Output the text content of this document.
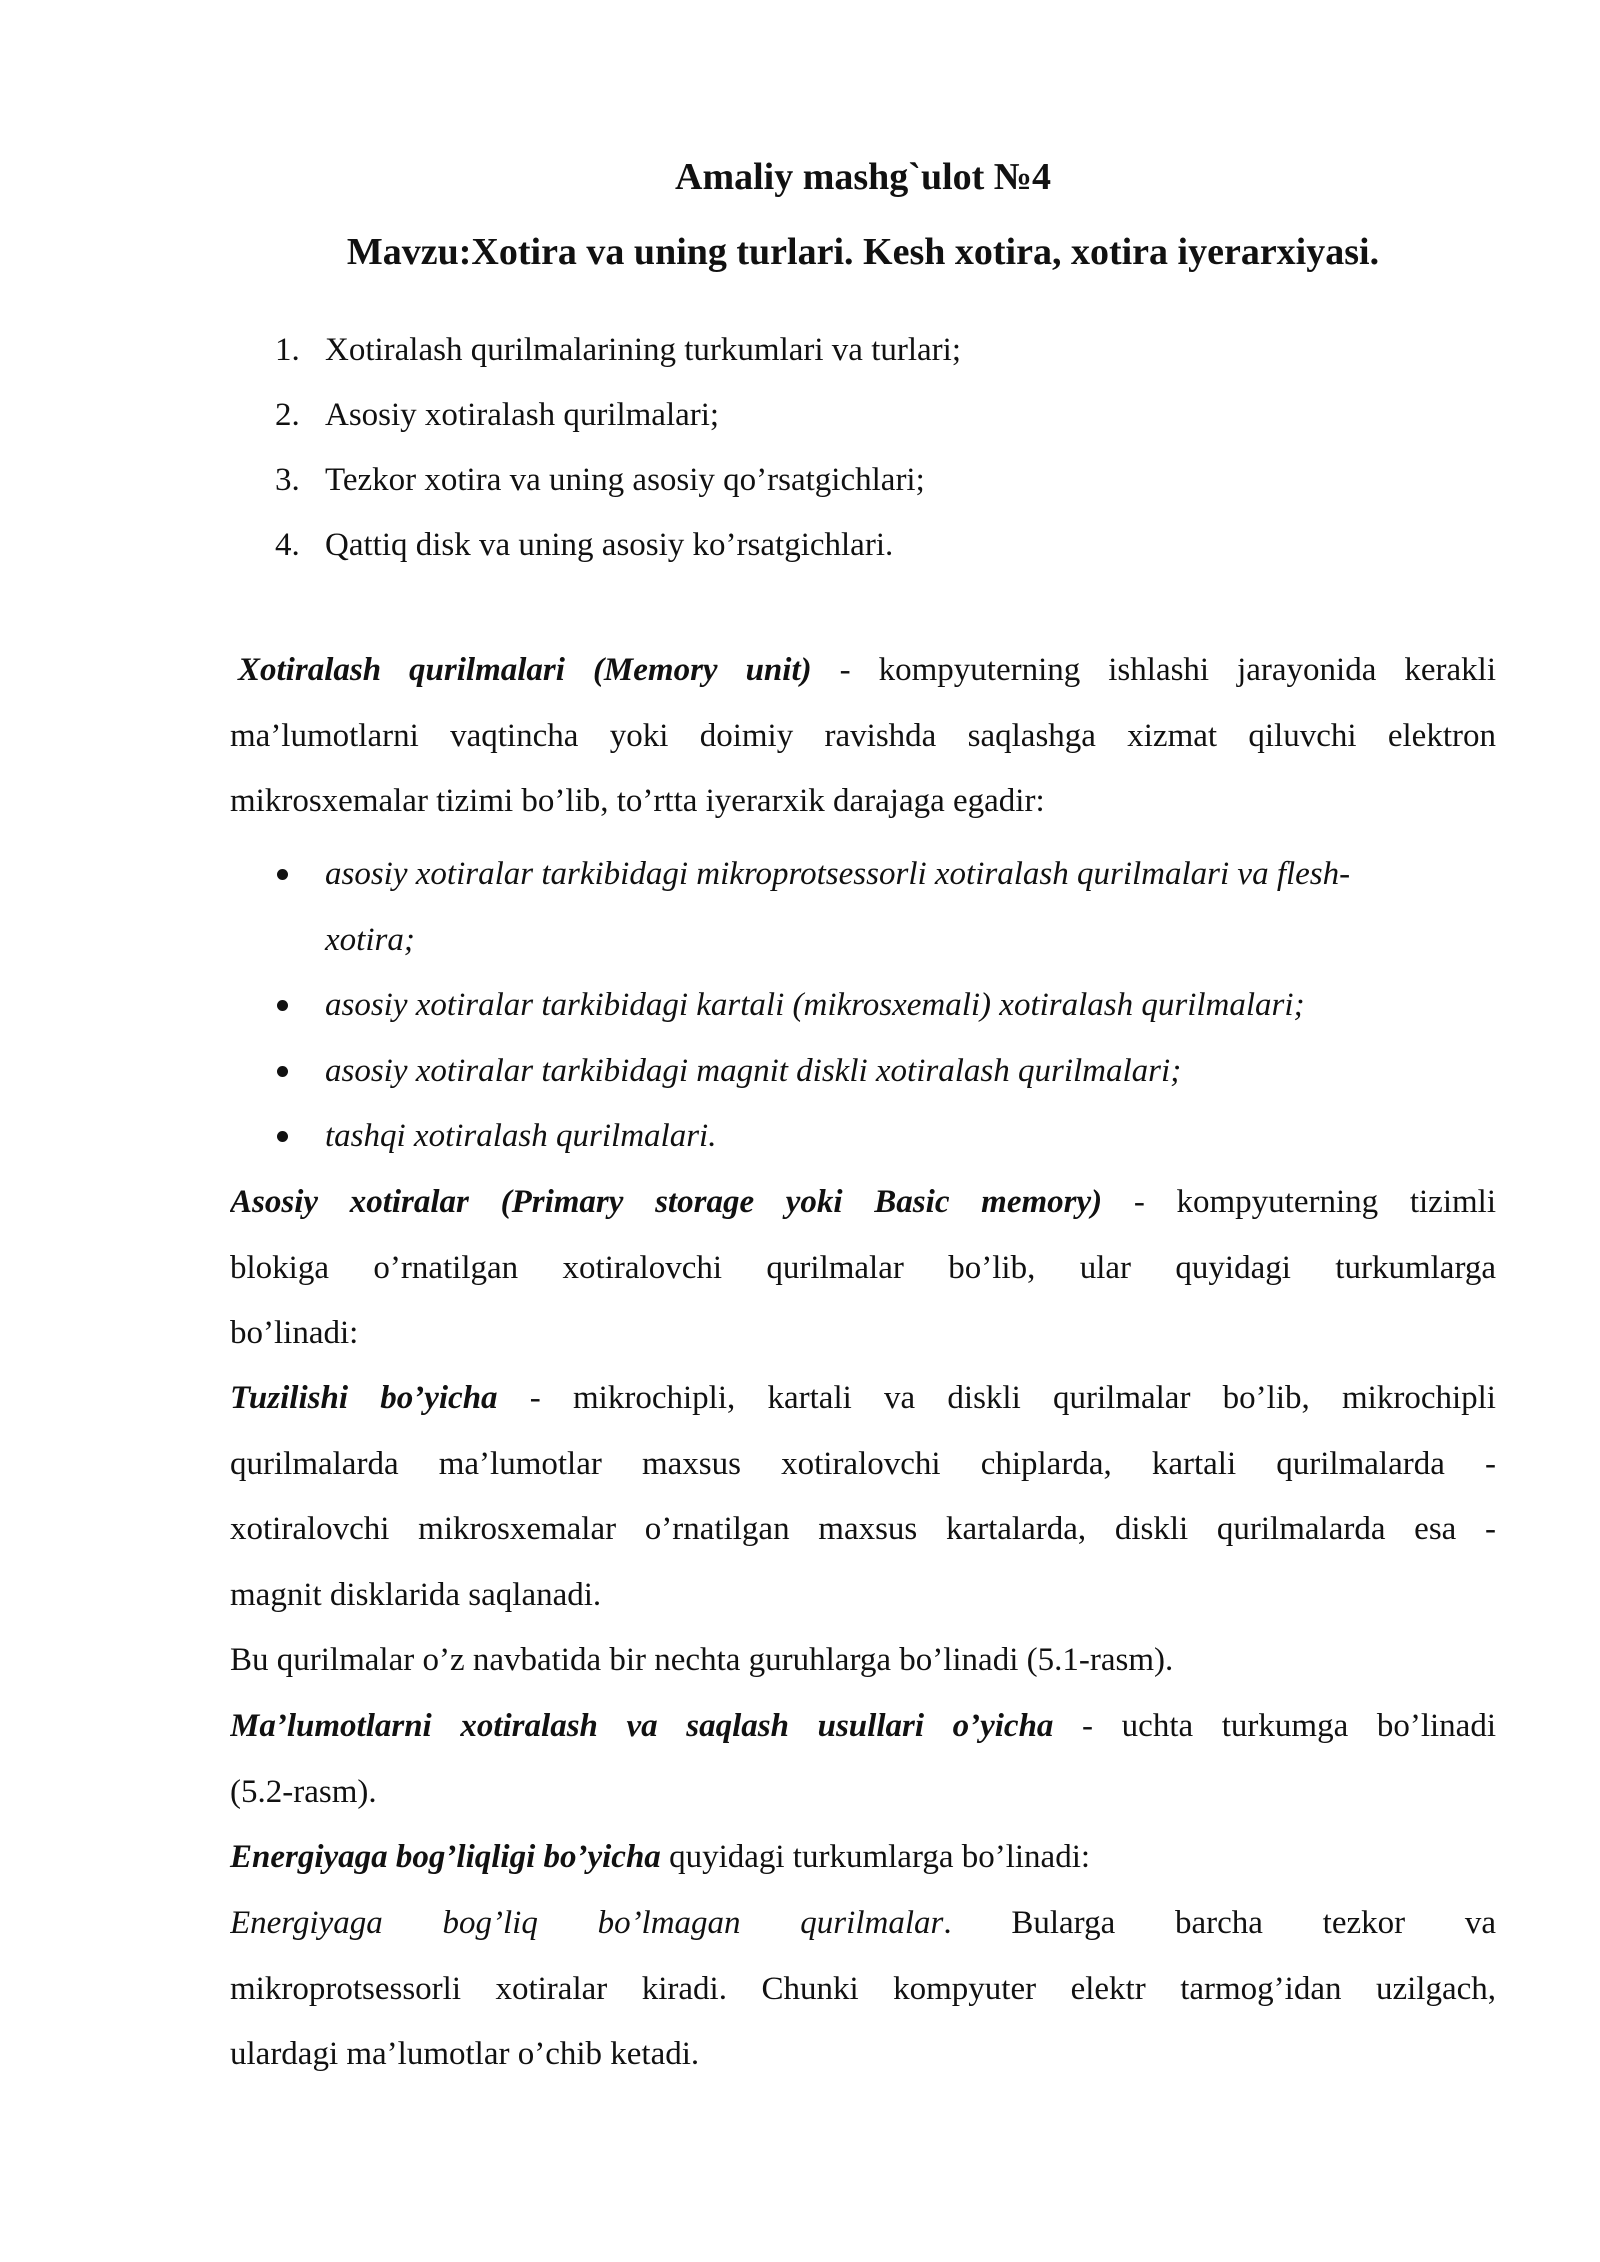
Amaliy mashg`ulot №4
Mavzu:Xotira va uning turlari. Kesh xotira, xotira iyerarxiyasi.
1. Xotiralash qurilmalarining turkumlari va turlari;
2. Asosiy xotiralash qurilmalari;
3. Tezkor xotira va uning asosiy qo’rsatgichlari;
4. Qattiq disk va uning asosiy ko’rsatgichlari.
Xotiralash qurilmalari (Memory unit) - kompyuterning ishlashi jarayonida kerakli
ma’lumotlarni vaqtincha yoki doimiy ravishda saqlashga xizmat qiluvchi elektron
mikrosxemalar tizimi bo’lib, to’rtta iyerarxik darajaga egadir:
asosiy xotiralar tarkibidagi mikroprotsessorli xotiralash qurilmalari va flesh-
xotira;
asosiy xotiralar tarkibidagi kartali (mikrosxemali) xotiralash qurilmalari;
asosiy xotiralar tarkibidagi magnit diskli xotiralash qurilmalari;
tashqi xotiralash qurilmalari.
Asosiy xotiralar (Primary storage yoki Basic memory) - kompyuterning tizimli
blokiga o’rnatilgan xotiralovchi qurilmalar bo’lib, ular quyidagi turkumlarga
bo’linadi:
Tuzilishi bo’yicha - mikrochipli, kartali va diskli qurilmalar bo’lib, mikrochipli
qurilmalarda ma’lumotlar maxsus xotiralovchi chiplarda, kartali qurilmalarda -
xotiralovchi mikrosxemalar o’rnatilgan maxsus kartalarda, diskli qurilmalarda esa -
magnit disklarida saqlanadi.
Bu qurilmalar o’z navbatida bir nechta guruhlarga bo’linadi (5.1-rasm).
Ma’lumotlarni xotiralash va saqlash usullari o’yicha - uchta turkumga bo’linadi
(5.2-rasm).
Energiyaga bog’liqligi bo’yicha quyidagi turkumlarga bo’linadi:
Energiyaga bog’liq bo’lmagan qurilmalar. Bularga barcha tezkor va
mikroprotsessorli xotiralar kiradi. Chunki kompyuter elektr tarmog’idan uzilgach,
ulardagi ma’lumotlar o’chib ketadi.
